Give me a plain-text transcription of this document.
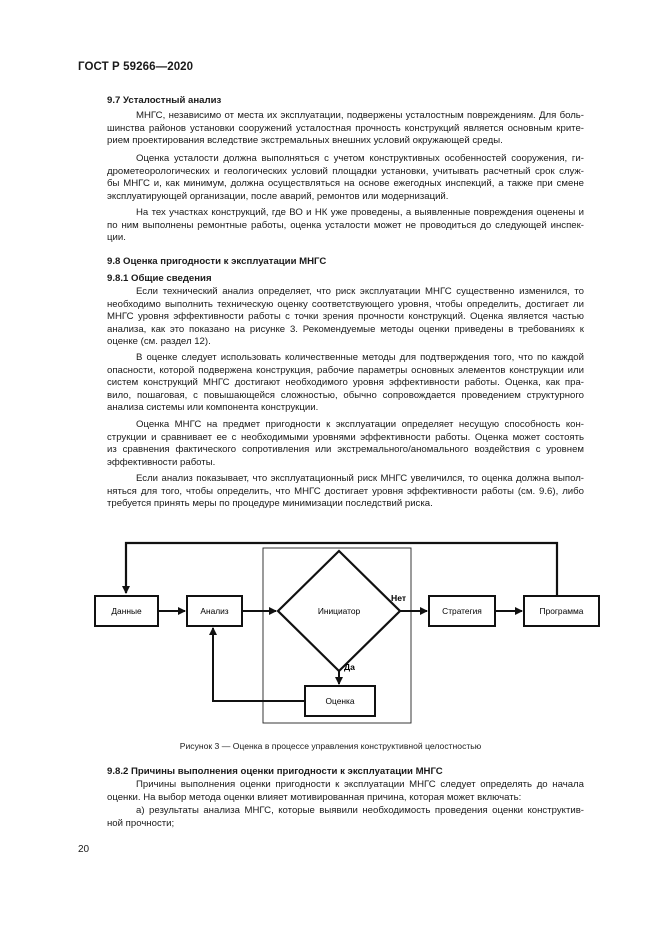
ГОСТ Р 59266—2020
9.7 Усталостный анализ
МНГС, независимо от места их эксплуатации, подвержены усталостным повреждениям. Для боль-
шинства районов установки сооружений усталостная прочность конструкций является основным крите-
рием проектирования вследствие экстремальных внешних условий окружающей среды.
Оценка усталости должна выполняться с учетом конструктивных особенностей сооружения, ги-
дрометеорологических и геологических условий площадки установки, учитывать расчетный срок служ-
бы МНГС и, как минимум, должна осуществляться на основе ежегодных инспекций, а также при смене
эксплуатирующей организации, после аварий, ремонтов или модернизаций.
На тех участках конструкций, где ВО и НК уже проведены, а выявленные повреждения оценены и
по ним выполнены ремонтные работы, оценка усталости может не проводиться до следующей инспек-
ции.
9.8 Оценка пригодности к эксплуатации МНГС
9.8.1 Общие сведения
Если технический анализ определяет, что риск эксплуатации МНГС существенно изменился, то
необходимо выполнить техническую оценку соответствующего уровня, чтобы определить, достигает ли
МНГС уровня эффективности работы с точки зрения прочности конструкций. Оценка является частью
анализа, как это показано на рисунке 3. Рекомендуемые методы оценки приведены в требованиях к
оценке (см. раздел 12).
В оценке следует использовать количественные методы для подтверждения того, что по каждой
опасности, которой подвержена конструкция, рабочие параметры основных элементов конструкции или
систем конструкций МНГС достигают необходимого уровня эффективности работы. Оценка, как пра-
вило, пошаговая, с повышающейся сложностью, обычно сопровождается проведением структурного
анализа системы или компонента конструкции.
Оценка МНГС на предмет пригодности к эксплуатации определяет несущую способность кон-
струкции и сравнивает ее с необходимыми уровнями эффективности работы. Оценка может состоять
из сравнения фактического сопротивления или экстремального/аномального воздействия с уровнем
эффективности работы.
Если анализ показывает, что эксплуатационный риск МНГС увеличился, то оценка должна выпол-
няться для того, чтобы определить, что МНГС достигает уровня эффективности работы (см. 9.6), либо
требуется принять меры по процедуре минимизации последствий риска.
Данные	Анализ	Инициатор	Стратегия	Программа
Оценка
Нет
Да
Рисунок 3 — Оценка в процессе управления конструктивной целостностью
9.8.2 Причины выполнения оценки пригодности к эксплуатации МНГС
Причины выполнения оценки пригодности к эксплуатации МНГС следует определять до начала
оценки. На выбор метода оценки влияет мотивированная причина, которая может включать:
а) результаты анализа МНГС, которые выявили необходимость проведения оценки конструктив-
ной прочности;
20
